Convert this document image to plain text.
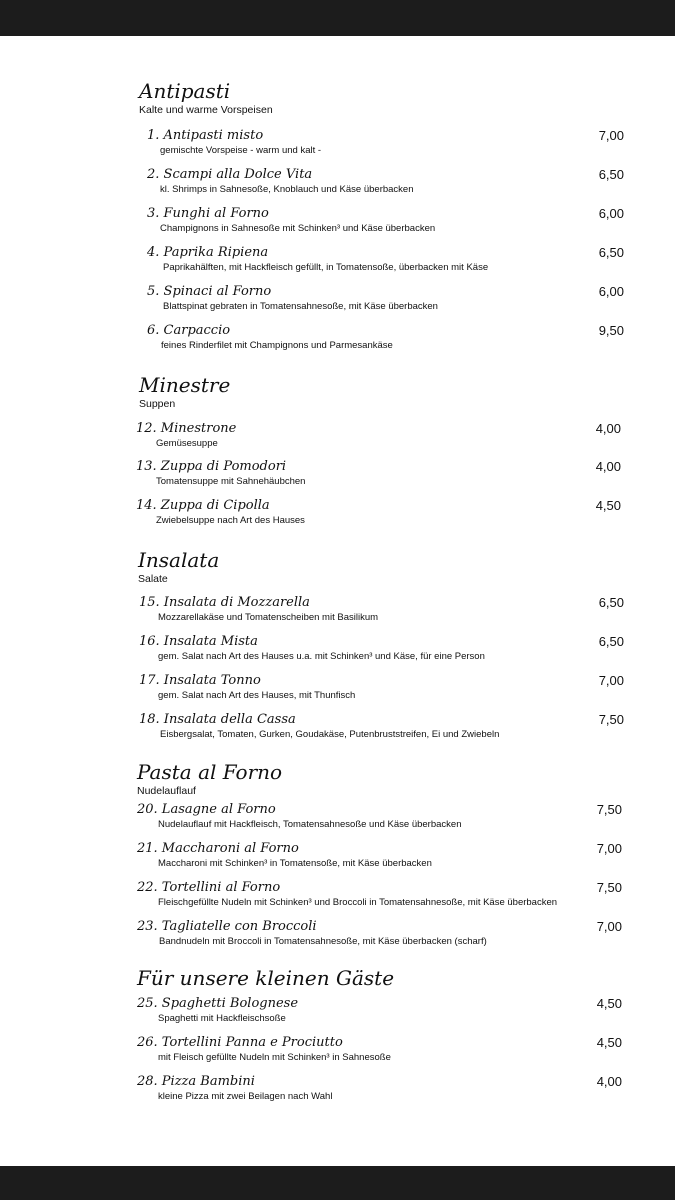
Antipasti
Kalte und warme Vorspeisen
1. Antipasti misto
gemischte Vorspeise - warm und kalt -
7,00
2. Scampi alla Dolce Vita
kl. Shrimps in Sahnesoße, Knoblauch und Käse überbacken
6,50
3. Funghi al Forno
Champignons in Sahnesoße mit Schinken³ und Käse überbacken
6,00
4. Paprika Ripiena
Paprikahälften, mit Hackfleisch gefüllt, in Tomatensoße, überbacken mit Käse
6,50
5. Spinaci al Forno
Blattspinat gebraten in Tomatensahnesoße, mit Käse überbacken
6,00
6. Carpaccio
feines Rinderfilet mit Champignons und Parmesankäse
9,50
Minestre
Suppen
12. Minestrone
Gemüsesuppe
4,00
13. Zuppa di Pomodori
Tomatensuppe mit Sahnehäubchen
4,00
14. Zuppa di Cipolla
Zwiebelsuppe nach Art des Hauses
4,50
Insalata
Salate
15. Insalata di Mozzarella
Mozzarellakäse und Tomatenscheiben mit Basilikum
6,50
16. Insalata Mista
gem. Salat nach Art des Hauses u.a. mit Schinken³ und Käse, für eine Person
6,50
17. Insalata Tonno
gem. Salat nach Art des Hauses, mit Thunfisch
7,00
18. Insalata della Cassa
Eisbergsalat, Tomaten, Gurken, Goudakäse, Putenbruststreifen, Ei und Zwiebeln
7,50
Pasta al Forno
Nudelauflauf
20. Lasagne al Forno
Nudelauflauf mit Hackfleisch, Tomatensahnesoße und Käse überbacken
7,50
21. Maccharoni al Forno
Maccharoni mit Schinken³ in Tomatensoße, mit Käse überbacken
7,00
22. Tortellini al Forno
Fleischgefüllte Nudeln mit Schinken³ und Broccoli in Tomatensahnesoße, mit Käse überbacken
7,50
23. Tagliatelle con Broccoli
Bandnudeln mit Broccoli in Tomatensahnesoße, mit Käse überbacken (scharf)
7,00
Für unsere kleinen Gäste
25. Spaghetti Bolognese
Spaghetti mit Hackfleischsoße
4,50
26. Tortellini Panna e Prociutto
mit Fleisch gefüllte Nudeln mit Schinken³ in Sahnesoße
4,50
28. Pizza Bambini
kleine Pizza mit zwei Beilagen nach Wahl
4,00
